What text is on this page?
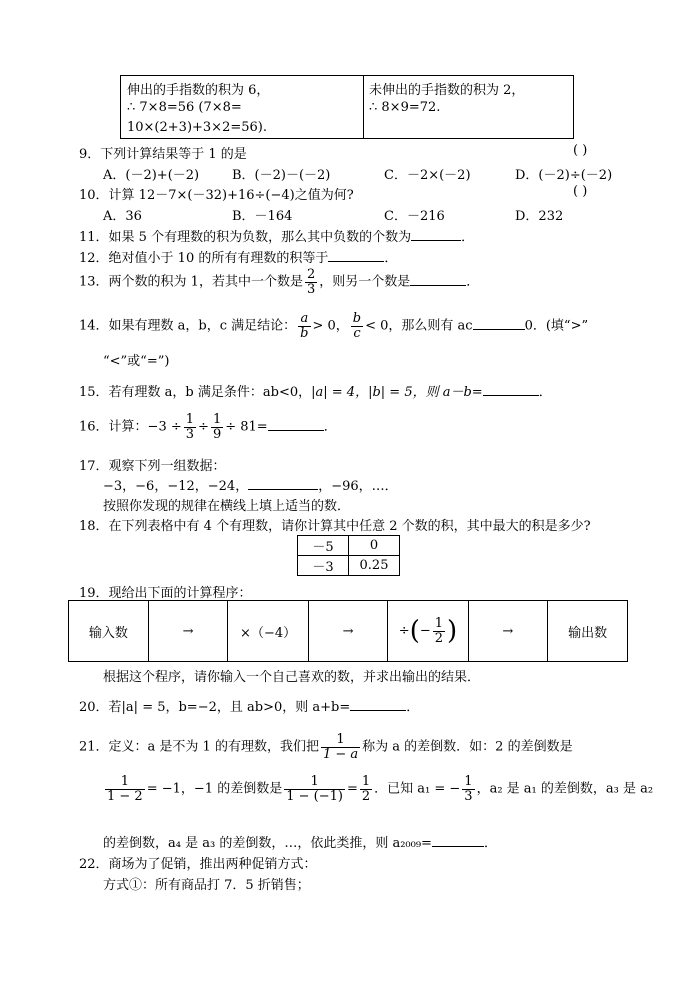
伸出的手指数的积为 6，
∴ 7×8=56 (7×8=
10×(2+3)+3×2=56).
未伸出的手指数的积为 2，
∴ 8×9=72.
9．下列计算结果等于 1 的是	( )
A．(－2)+(－2)	B．(－2)－(－2)	C．－2×(－2)	D．(－2)÷(－2)
10．计算 12－7×(－32)+16÷(−4)之值为何?	( )
A．36	B．－164	C．－216	D．232
11．如果 5 个有理数的积为负数，那么其中负数的个数为	．
12．绝对值小于 10 的所有有理数的积等于	．
13．两个数的积为 1，若其中一个数是 $\frac{2}{3}$ ，则另一个数是	．
14．如果有理数 a，b，c 满足结论： $\frac{a}{b} > 0$， $\frac{b}{c} < 0$，那么则有 ac	0．(填“>”
“<”或“=”)
15．若有理数 a，b 满足条件：ab<0，|a| = 4，|b| = 5，则 a－b=	．
16．计算：$-3 \div \frac{1}{3} \div \frac{1}{9} \div 81=$	．
17．观察下列一组数据：
−3，−6，−12，−24，	，−96，…．
按照你发现的规律在横线上填上适当的数．
18．在下列表格中有 4 个有理数，请你计算其中任意 2 个数的积，其中最大的积是多少?
－5	0
－3	0.25
19．现给出下面的计算程序：
输入数	→	×（−4）	→	÷(− $\frac{1}{2}$ )	→	输出数
根据这个程序，请你输入一个自己喜欢的数，并求出输出的结果．
20．若|a| = 5，b=−2，且 ab>0，则 a+b=	．
21．定义：a 是不为 1 的有理数，我们把 $\frac{1}{1 - a}$ 称为 a 的差倒数．如：2 的差倒数是
$\frac{1}{1 - 2} = -1$，−1 的差倒数是 $\frac{1}{1 - (-1)} = \frac{1}{2}$ ．已知 a₁ = − $\frac{1}{3}$ ，a₂ 是 a₁ 的差倒数，a₃ 是 a₂
的差倒数，a₄ 是 a₃ 的差倒数，…，依此类推，则 a₂₀₀₉=	．
22．商场为了促销，推出两种促销方式：
方式①：所有商品打 7．5 折销售；
